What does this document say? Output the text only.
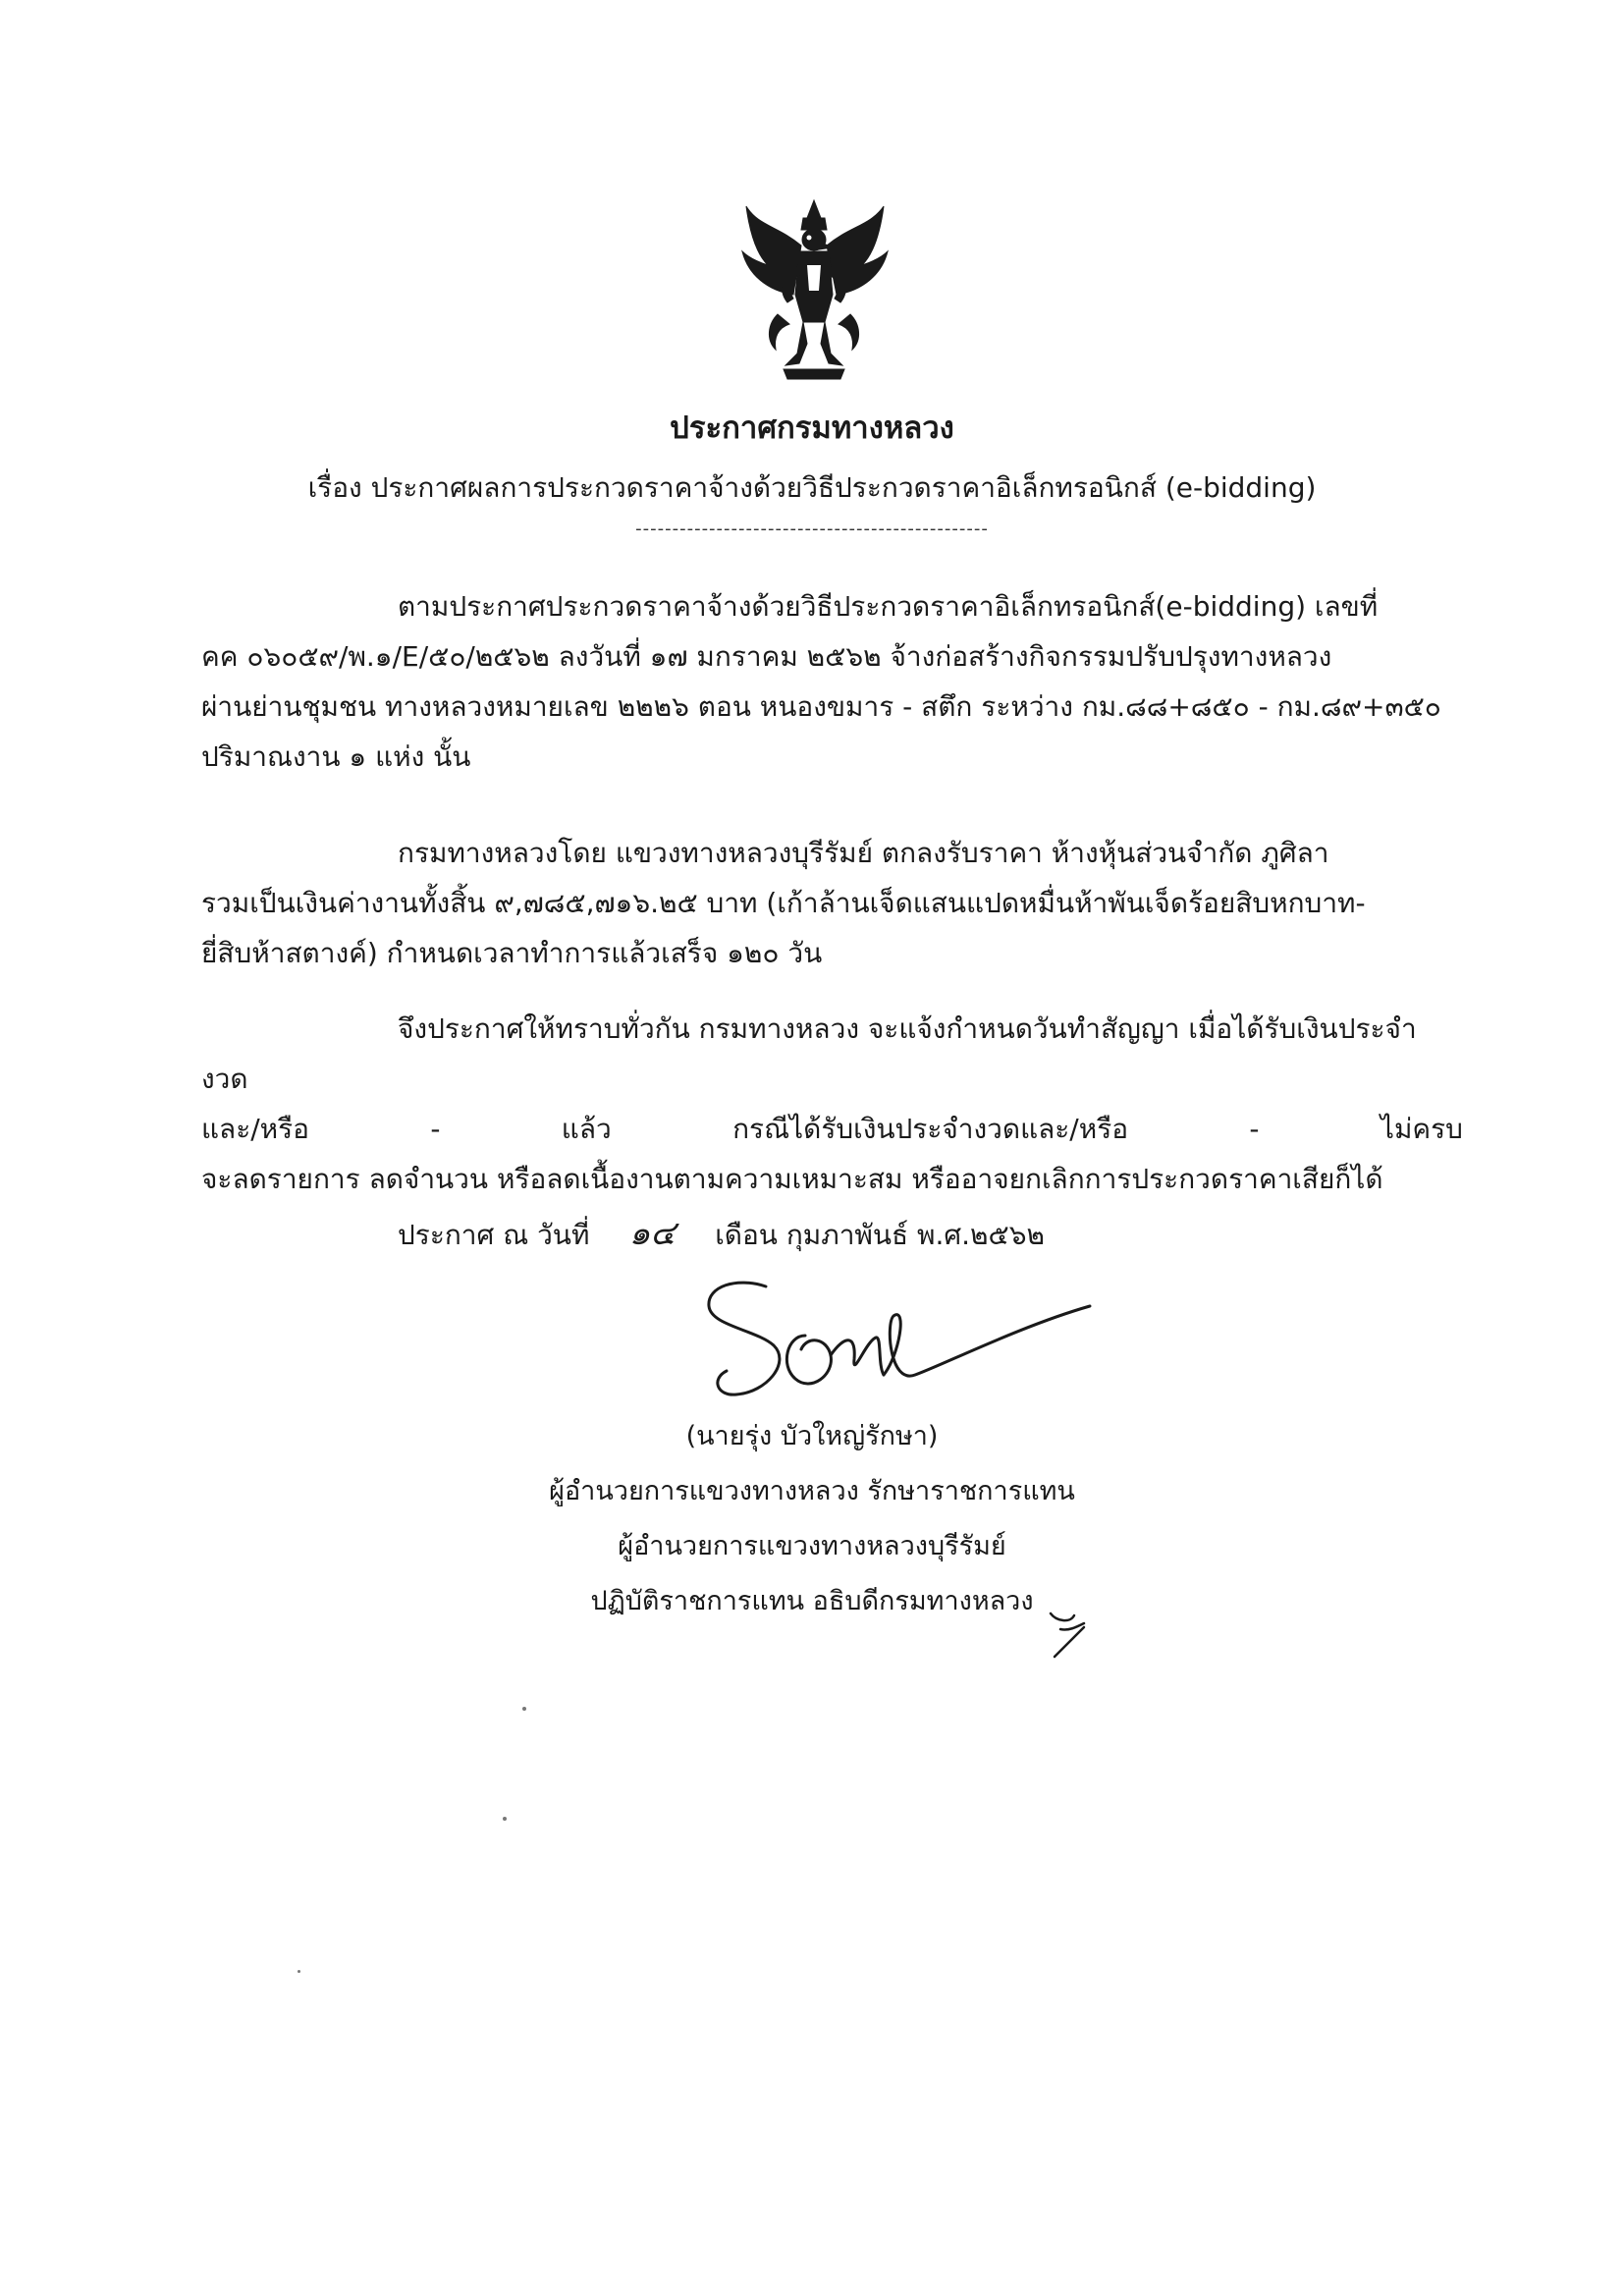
ประกาศกรมทางหลวง
เรื่อง ประกาศผลการประกวดราคาจ้างด้วยวิธีประกวดราคาอิเล็กทรอนิกส์ (e-bidding)
------------------------------------------------
ตามประกาศประกวดราคาจ้างด้วยวิธีประกวดราคาอิเล็กทรอนิกส์(e-bidding) เลขที่
คค ๐๖๐๕๙/พ.๑/E/๕๐/๒๕๖๒ ลงวันที่ ๑๗ มกราคม ๒๕๖๒ จ้างก่อสร้างกิจกรรมปรับปรุงทางหลวง
ผ่านย่านชุมชน ทางหลวงหมายเลข ๒๒๒๖ ตอน หนองขมาร - สตึก ระหว่าง กม.๘๘+๘๕๐ - กม.๘๙+๓๕๐
ปริมาณงาน ๑ แห่ง นั้น
กรมทางหลวงโดย แขวงทางหลวงบุรีรัมย์ ตกลงรับราคา ห้างหุ้นส่วนจำกัด ภูศิลา
รวมเป็นเงินค่างานทั้งสิ้น ๙,๗๘๕,๗๑๖.๒๕ บาท (เก้าล้านเจ็ดแสนแปดหมื่นห้าพันเจ็ดร้อยสิบหกบาท-
ยี่สิบห้าสตางค์) กำหนดเวลาทำการแล้วเสร็จ ๑๒๐ วัน
จึงประกาศให้ทราบทั่วกัน กรมทางหลวง จะแจ้งกำหนดวันทำสัญญา เมื่อได้รับเงินประจำงวด
และ/หรือ	-	แล้ว	กรณีได้รับเงินประจำงวดและ/หรือ	-	ไม่ครบ
จะลดรายการ ลดจำนวน หรือลดเนื้องานตามความเหมาะสม หรืออาจยกเลิกการประกวดราคาเสียก็ได้
ประกาศ ณ วันที่ ๑๔ เดือน กุมภาพันธ์ พ.ศ.๒๕๖๒
(นายรุ่ง บัวใหญ่รักษา)
ผู้อำนวยการแขวงทางหลวง รักษาราชการแทน
ผู้อำนวยการแขวงทางหลวงบุรีรัมย์
ปฏิบัติราชการแทน อธิบดีกรมทางหลวง
